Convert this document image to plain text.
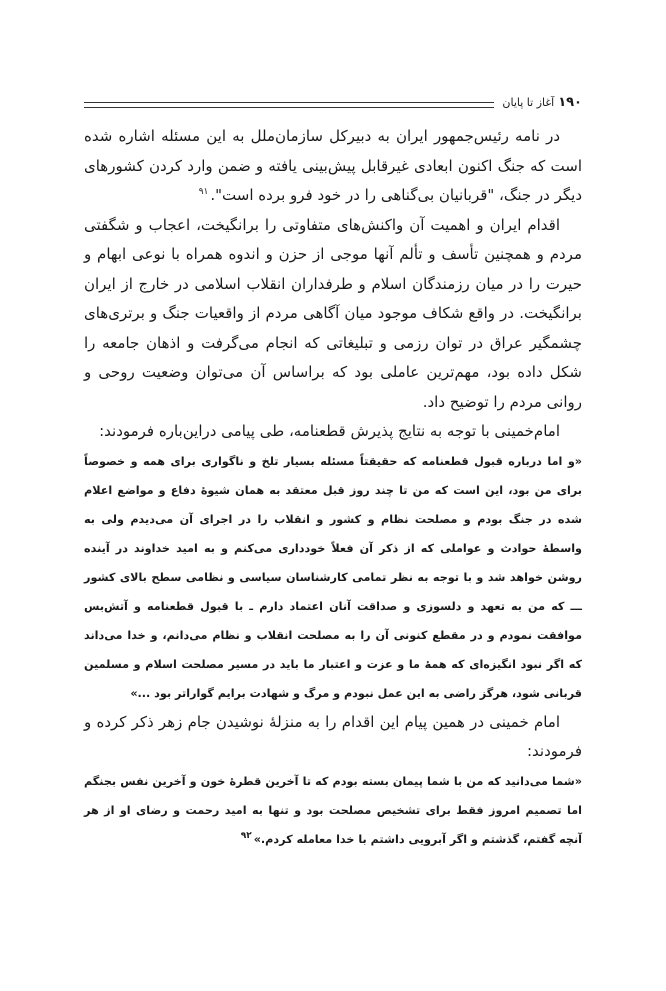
۱۹۰
آغاز تا پایان

در نامه رئیس‌جمهور ایران به دبیرکل سازمان‌ملل به این مسئله اشاره شده است که جنگ اکنون ابعادی غیرقابل پیش‌بینی یافته و ضمن وارد کردن کشورهای دیگر در جنگ، "قربانیان بی‌گناهی را در خود فرو برده است".$^{۹۱}$

اقدام ایران و اهمیت آن واکنش‌های متفاوتی را برانگیخت، اعجاب و شگفتی مردم و همچنین تأسف و تألم آنها موجی از حزن و اندوه همراه با نوعی ابهام و حیرت را در میان رزمندگان اسلام و طرفداران انقلاب اسلامی در خارج از ایران برانگیخت. در واقع شکاف موجود میان آگاهی مردم از واقعیات جنگ و برتری‌های چشمگیر عراق در توان رزمی و تبلیغاتی که انجام می‌گرفت و اذهان جامعه را شکل داده بود، مهم‌ترین عاملی بود که براساس آن می‌توان وضعیت روحی و روانی مردم را توضیح داد.

امام‌خمینی با توجه به نتایج پذیرش قطعنامه، طی پیامی دراین‌باره فرمودند:

«و اما درباره قبول قطعنامه که حقیقتاً مسئله بسیار تلخ و ناگواری برای همه و خصوصاً برای من بود، این است که من تا چند روز قبل معتقد به همان شیوهٔ دفاع و مواضع اعلام شده در جنگ بودم و مصلحت نظام و کشور و انقلاب را در اجرای آن می‌دیدم ولی به واسطهٔ حوادث و عواملی که از ذکر آن فعلاً خودداری می‌کنم و به امید خداوند در آینده روشن خواهد شد و با توجه به نظر تمامی کارشناسان سیاسی و نظامی سطح بالای کشور ـــ که من به تعهد و دلسوزی و صداقت آنان اعتماد دارم ـ با قبول قطعنامه و آتش‌بس موافقت نمودم و در مقطع کنونی آن را به مصلحت انقلاب و نظام می‌دانم، و خدا می‌داند که اگر نبود انگیزه‌ای که همهٔ ما و عزت و اعتبار ما باید در مسیر مصلحت اسلام و مسلمین قربانی شود، هرگز راضی به این عمل نبودم و مرگ و شهادت برایم گواراتر بود ...»

امام خمینی در همین پیام این اقدام را به منزلهٔ نوشیدن جام زهر ذکر کرده و فرمودند:

«شما می‌دانید که من با شما پیمان بسته بودم که تا آخرین قطرهٔ خون و آخرین نفس بجنگم اما تصمیم امروز فقط برای تشخیص مصلحت بود و تنها به امید رحمت و رضای او از هر آنچه گفتم، گذشتم و اگر آبرویی داشتم با خدا معامله کردم.»$^{۹۲}$
